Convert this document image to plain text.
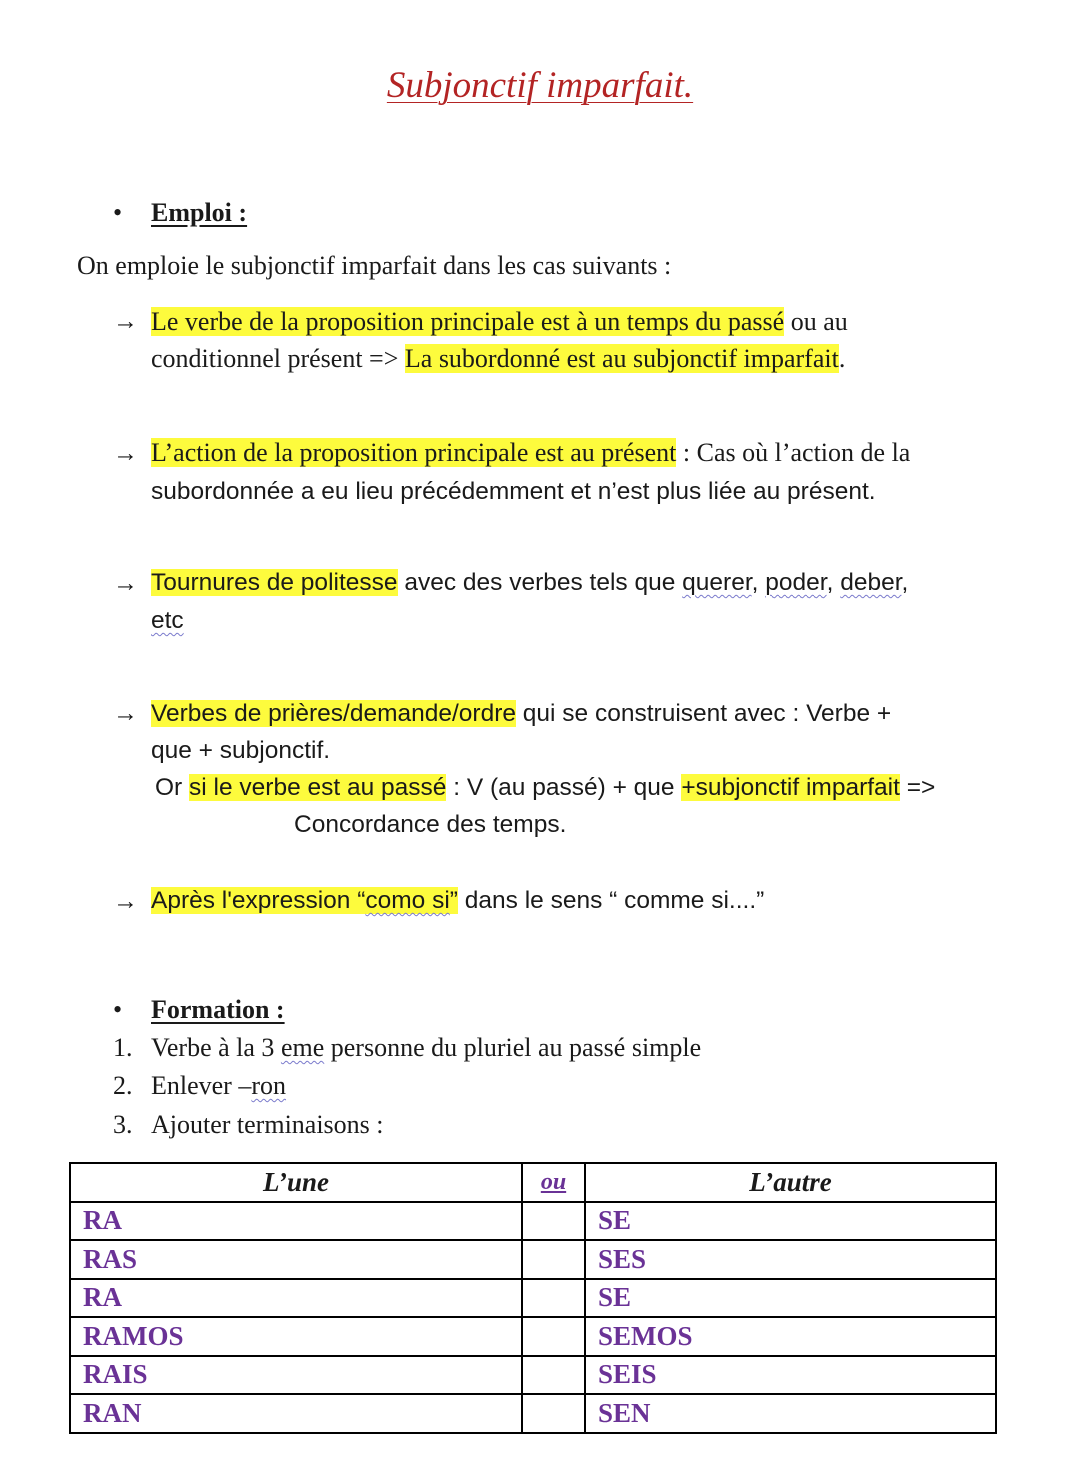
Subjonctif imparfait.
• Emploi :
On emploie le subjonctif imparfait dans les cas suivants :
→ Le verbe de la proposition principale est à un temps du passé ou au
conditionnel présent => La subordonné est au subjonctif imparfait.
→ L’action de la proposition principale est au présent : Cas où l’action de la
subordonnée a eu lieu précédemment et n’est plus liée au présent.
→ Tournures de politesse avec des verbes tels que querer, poder, deber,
etc
→ Verbes de prières/demande/ordre qui se construisent avec : Verbe +
que + subjonctif.
Or si le verbe est au passé : V (au passé) + que +subjonctif imparfait =>
Concordance des temps.
→ Après l'expression “como si” dans le sens “ comme si....”
• Formation :
1. Verbe à la 3 eme personne du pluriel au passé simple
2. Enlever –ron
3. Ajouter terminaisons :
L’une	ou	L’autre
RA		SE
RAS		SES
RA		SE
RAMOS		SEMOS
RAIS		SEIS
RAN		SEN
